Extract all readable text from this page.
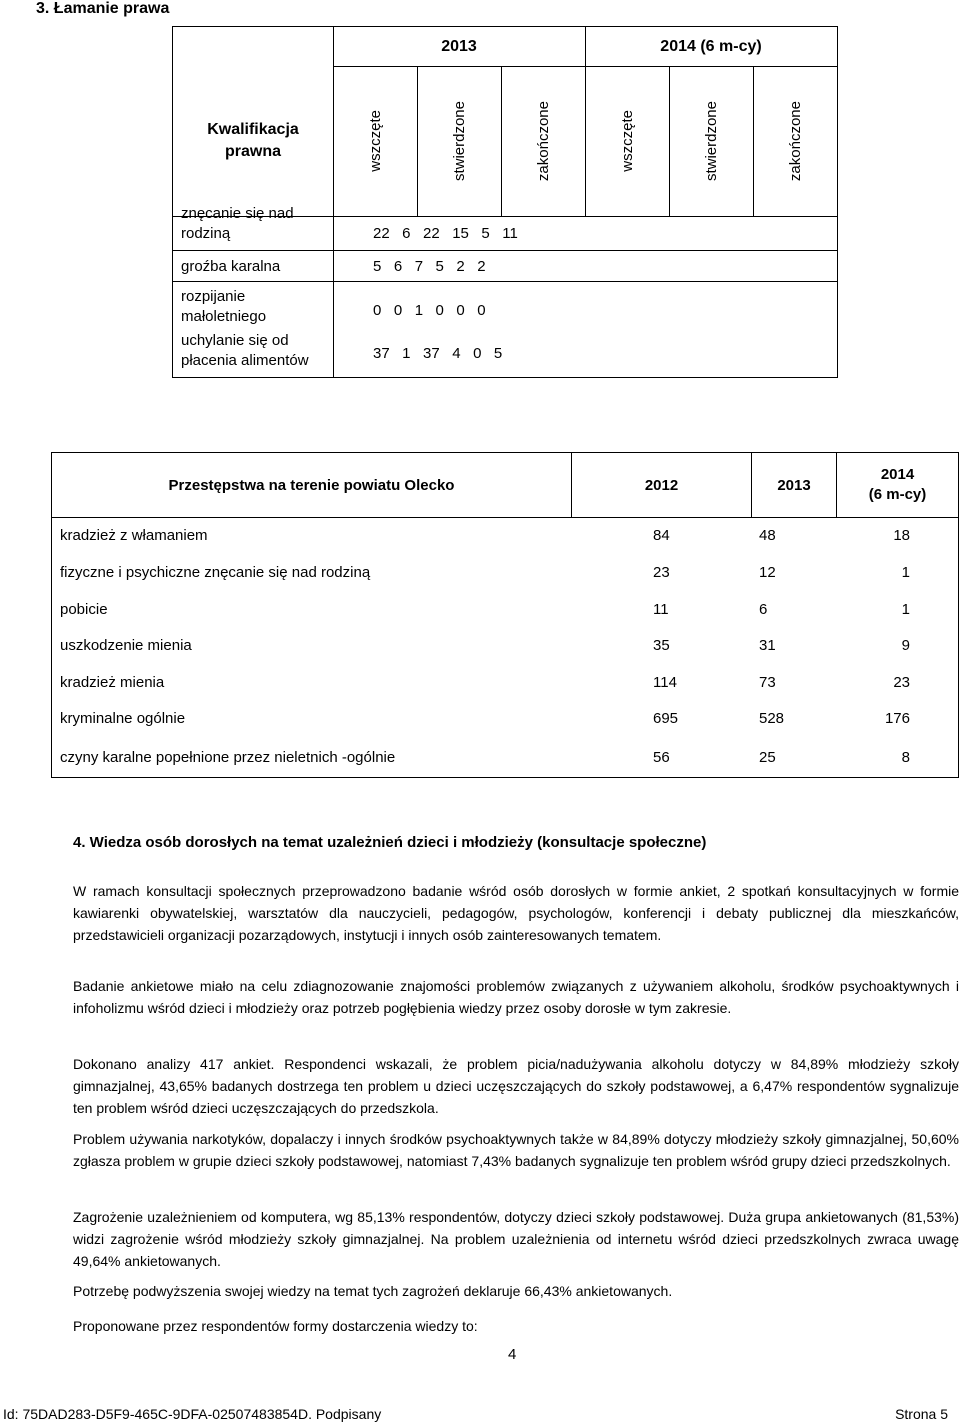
3. Łamanie prawa
2013	2014 (6 m-cy)
Kwalifikacja prawna	wszczęte	stwierdzone	zakończone	wszczęte	stwierdzone	zakończone
znęcanie się nad rodziną	22   6   22   15   5   11
groźba karalna	5   6   7   5   2   2
rozpijanie małoletniego	0   0   1   0   0   0
uchylanie się od płacenia alimentów	37   1   37   4   0   5
Przestępstwa na terenie powiatu Olecko	2012	2013
2014
(6 m-cy)
kradzież z włamaniem	84	48	18
fizyczne i psychiczne znęcanie się nad rodziną	23	12	1
pobicie	11	6	1
uszkodzenie mienia	35	31	9
kradzież mienia	114	73	23
kryminalne ogólnie	695	528	176
czyny karalne popełnione przez nieletnich -ogólnie	56	25	8
4. Wiedza osób dorosłych na temat uzależnień dzieci i młodzieży (konsultacje społeczne)
W ramach konsultacji społecznych przeprowadzono badanie wśród osób dorosłych w formie ankiet, 2 spotkań konsultacyjnych w formie kawiarenki obywatelskiej, warsztatów dla nauczycieli, pedagogów, psychologów, konferencji i debaty publicznej dla mieszkańców, przedstawicieli organizacji pozarządowych, instytucji i innych osób zainteresowanych tematem.
Badanie ankietowe miało na celu zdiagnozowanie znajomości problemów związanych z używaniem alkoholu, środków psychoaktywnych i infoholizmu wśród dzieci i młodzieży oraz potrzeb pogłębienia wiedzy przez osoby dorosłe w tym zakresie.
Dokonano analizy 417 ankiet. Respondenci wskazali, że problem picia/nadużywania alkoholu dotyczy w 84,89% młodzieży szkoły gimnazjalnej, 43,65% badanych dostrzega ten problem u dzieci uczęszczających do szkoły podstawowej, a 6,47% respondentów sygnalizuje ten problem wśród dzieci uczęszczających do przedszkola.
Problem używania narkotyków, dopalaczy i innych środków psychoaktywnych także w 84,89% dotyczy młodzieży szkoły gimnazjalnej, 50,60% zgłasza problem w grupie dzieci szkoły podstawowej, natomiast 7,43% badanych sygnalizuje ten problem wśród grupy dzieci przedszkolnych.
Zagrożenie uzależnieniem od komputera, wg 85,13% respondentów, dotyczy dzieci szkoły podstawowej. Duża grupa ankietowanych (81,53%) widzi zagrożenie wśród młodzieży szkoły gimnazjalnej. Na problem uzależnienia od internetu wśród dzieci przedszkolnych zwraca uwagę 49,64% ankietowanych.
Potrzebę podwyższenia swojej wiedzy na temat tych zagrożeń deklaruje 66,43% ankietowanych.
Proponowane przez respondentów formy dostarczenia wiedzy to:
4
Id: 75DAD283-D5F9-465C-9DFA-02507483854D. Podpisany	Strona 5
